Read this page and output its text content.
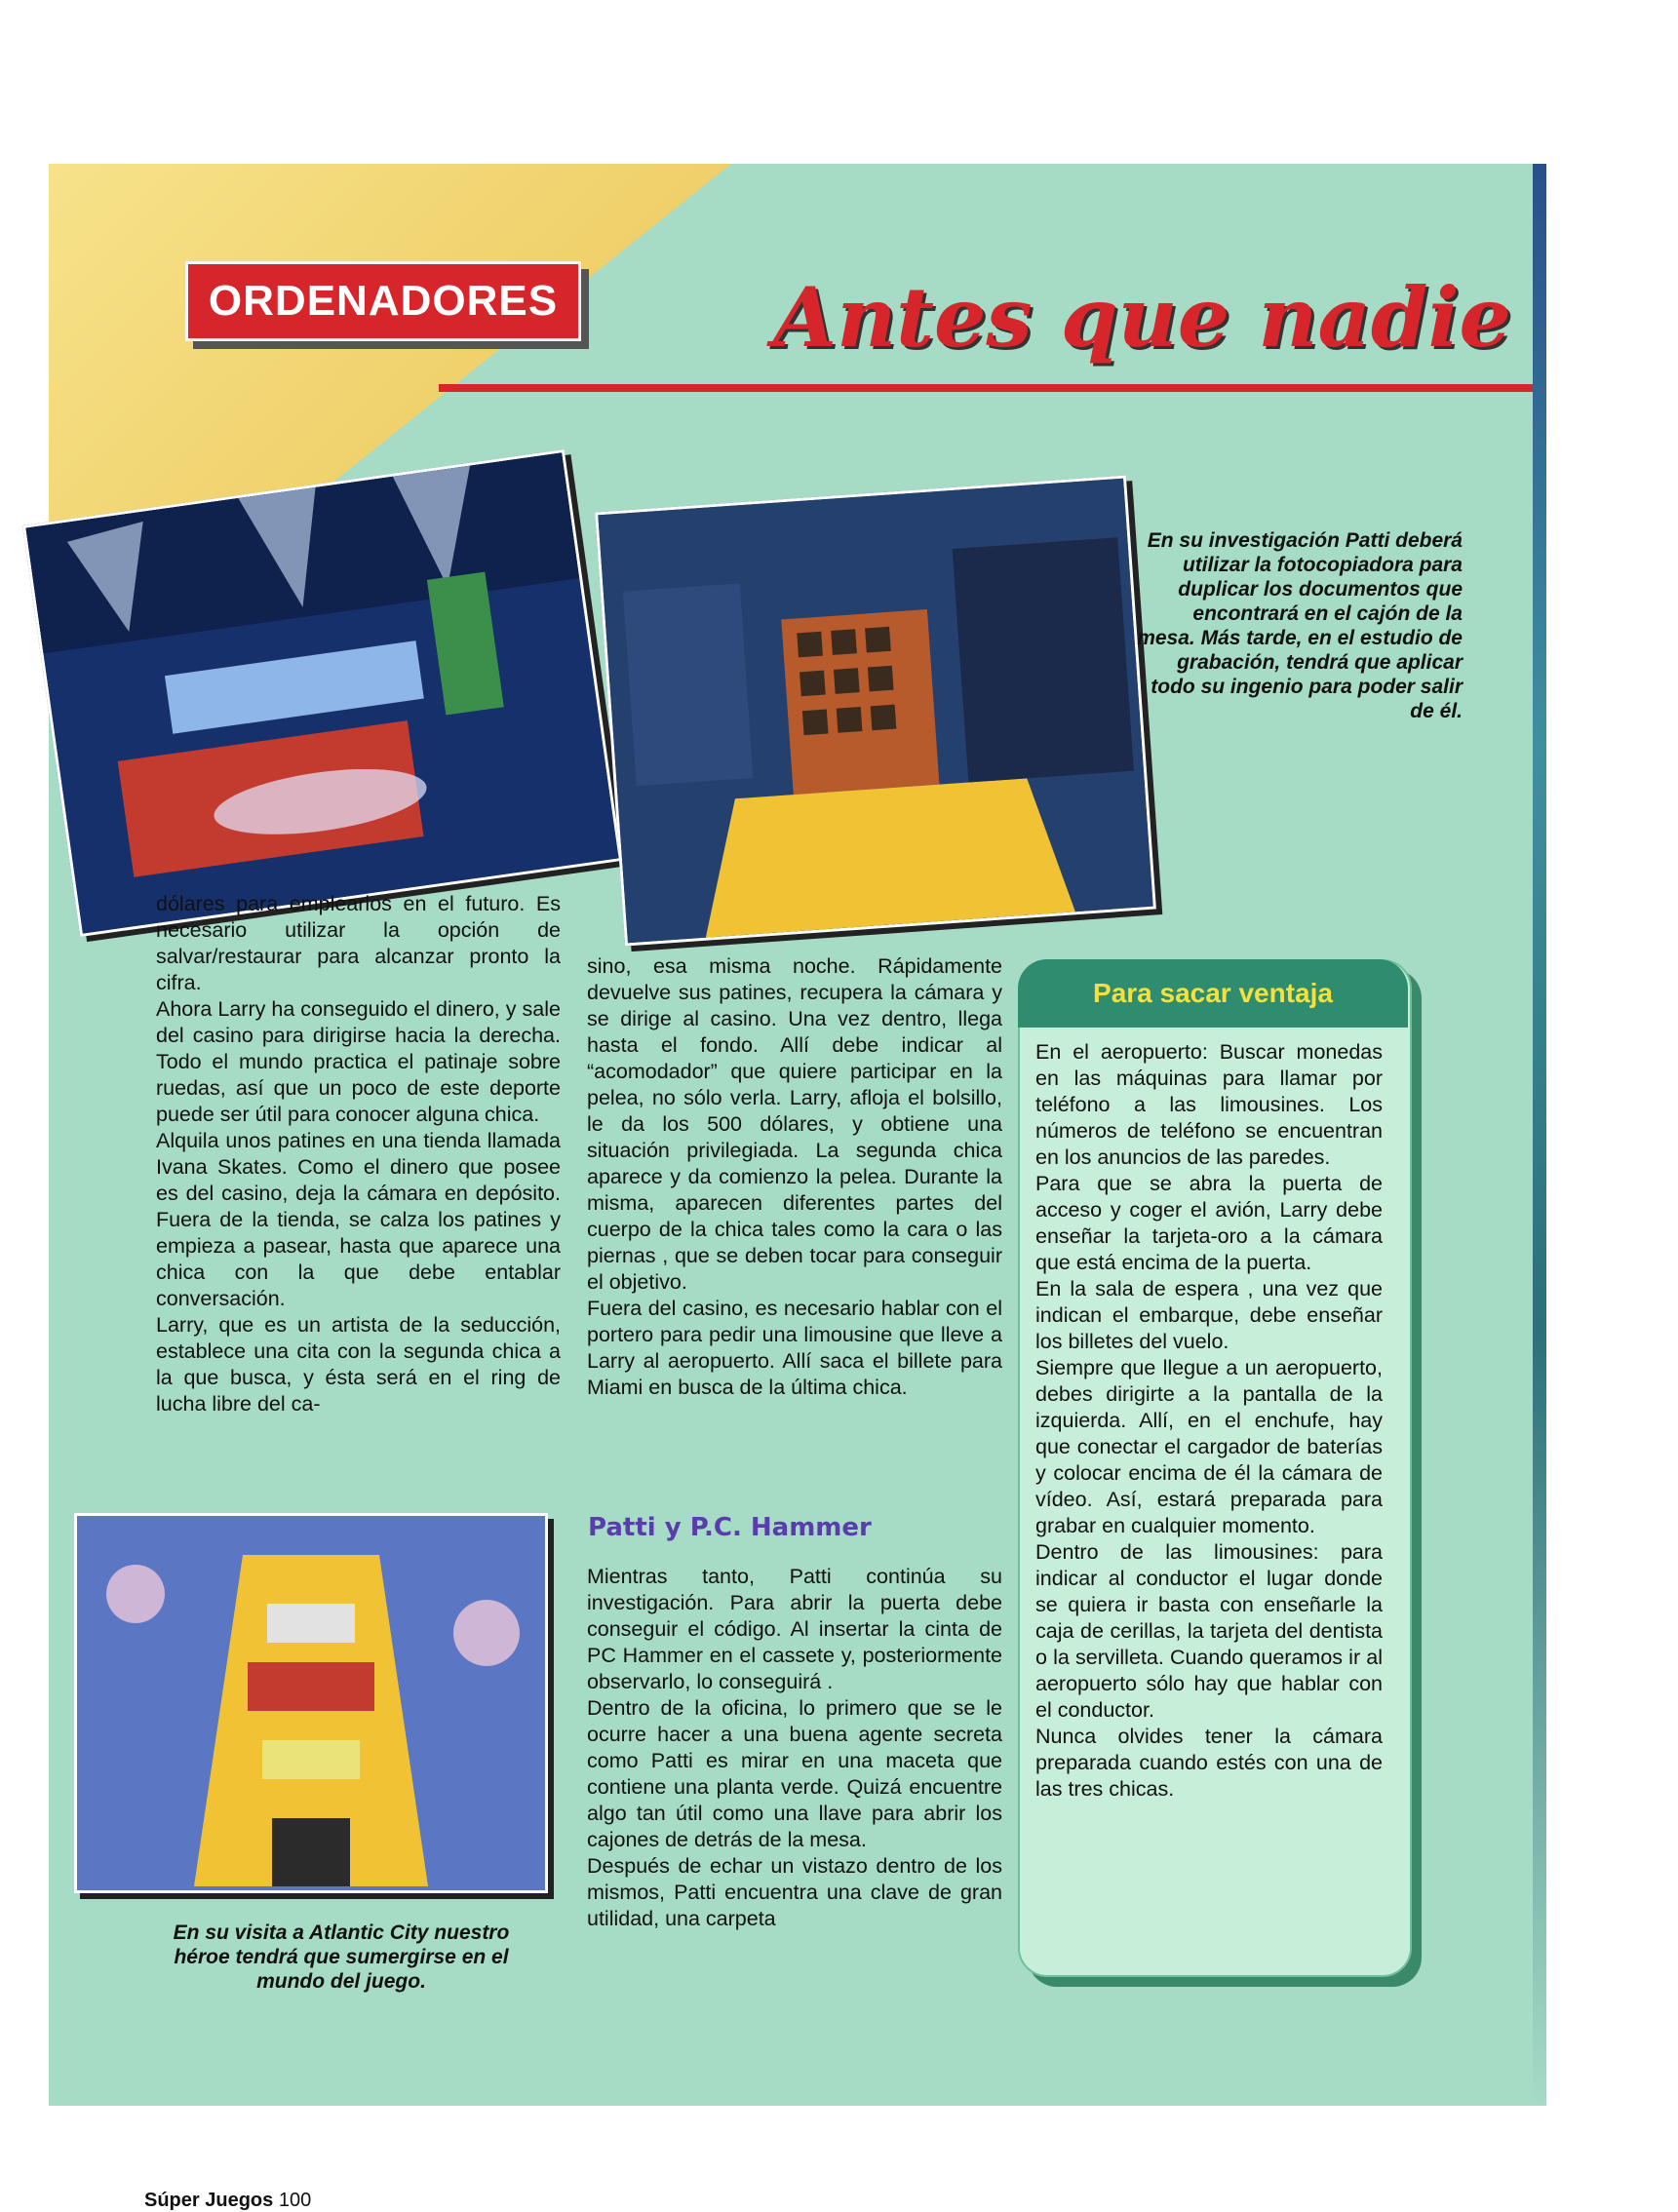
ORDENADORES	Antes que nadie
En su investigación Patti deberá utilizar la fotocopiadora para duplicar los documentos que encontrará en el cajón de la mesa. Más tarde, en el estudio de grabación, tendrá que aplicar todo su ingenio para poder salir de él.
dólares para emplearlos en el futuro. Es necesario utilizar la opción de salvar/restaurar para alcanzar pronto la cifra.
Ahora Larry ha conseguido el dinero, y sale del casino para dirigirse hacia la derecha. Todo el mundo practica el patinaje sobre ruedas, así que un poco de este deporte puede ser útil para conocer alguna chica.
Alquila unos patines en una tienda llamada Ivana Skates. Como el dinero que posee es del casino, deja la cámara en depósito. Fuera de la tienda, se calza los patines y empieza a pasear, hasta que aparece una chica con la que debe entablar conversación.
Larry, que es un artista de la seducción, establece una cita con la segunda chica a la que busca, y ésta será en el ring de lucha libre del ca-
sino, esa misma noche. Rápidamente devuelve sus patines, recupera la cámara y se dirige al casino. Una vez dentro, llega hasta el fondo. Allí debe indicar al “acomodador” que quiere participar en la pelea, no sólo verla. Larry, afloja el bolsillo, le da los 500 dólares, y obtiene una situación privilegiada. La segunda chica aparece y da comienzo la pelea. Durante la misma, aparecen diferentes partes del cuerpo de la chica tales como la cara o las piernas , que se deben tocar para conseguir el objetivo.
Fuera del casino, es necesario hablar con el portero para pedir una limousine que lleve a Larry al aeropuerto. Allí saca el billete para Miami en busca de la última chica.
Patti y P.C. Hammer
Mientras tanto, Patti continúa su investigación. Para abrir la puerta debe conseguir el código. Al insertar la cinta de PC Hammer en el cassete y, posteriormente observarlo, lo conseguirá .
Dentro de la oficina, lo primero que se le ocurre hacer a una buena agente secreta como Patti es mirar en una maceta que contiene una planta verde. Quizá encuentre algo tan útil como una llave para abrir los cajones de detrás de la mesa.
Después de echar un vistazo dentro de los mismos, Patti encuentra una clave de gran utilidad, una carpeta
En su visita a Atlantic City nuestro héroe tendrá que sumergirse en el mundo del juego.
Para sacar ventaja
En el aeropuerto: Buscar monedas en las máquinas para llamar por teléfono a las limousines. Los números de teléfono se encuentran en los anuncios de las paredes.
Para que se abra la puerta de acceso y coger el avión, Larry debe enseñar la tarjeta-oro a la cámara que está encima de la puerta.
En la sala de espera , una vez que indican el embarque, debe enseñar los billetes del vuelo.
Siempre que llegue a un aeropuerto, debes dirigirte a la pantalla de la izquierda. Allí, en el enchufe, hay que conectar el cargador de baterías y colocar encima de él la cámara de vídeo. Así, estará preparada para grabar en cualquier momento.
Dentro de las limousines: para indicar al conductor el lugar donde se quiera ir basta con enseñarle la caja de cerillas, la tarjeta del dentista o la servilleta. Cuando queramos ir al aeropuerto sólo hay que hablar con el conductor.
Nunca olvides tener la cámara preparada cuando estés con una de las tres chicas.
Súper Juegos 100
